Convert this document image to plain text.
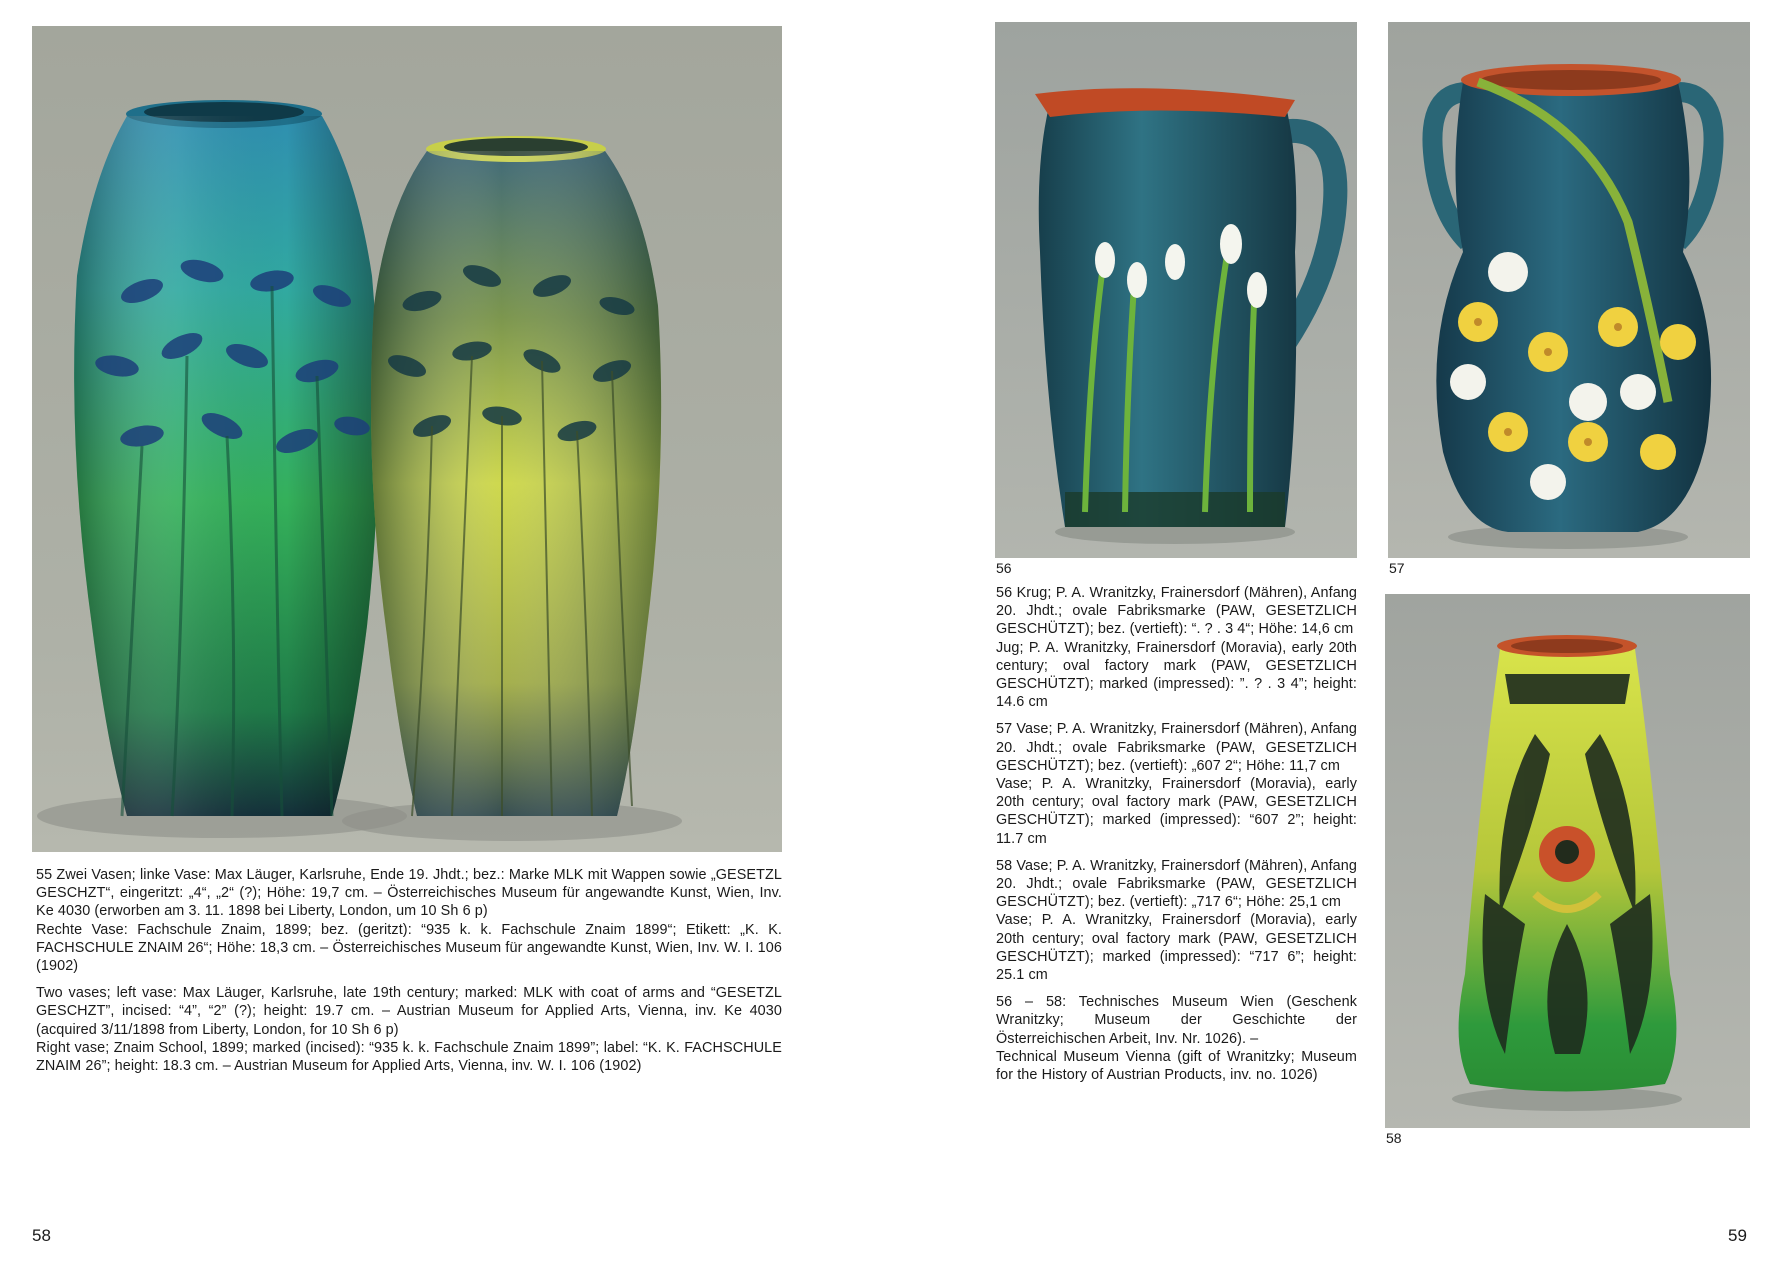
55 Zwei Vasen; linke Vase: Max Läuger, Karlsruhe, Ende 19. Jhdt.; bez.: Marke MLK mit Wappen sowie „GESETZL GESCHZT“, eingeritzt: „4“, „2“ (?); Höhe: 19,7 cm. – Österreichisches Museum für angewandte Kunst, Wien, Inv. Ke 4030 (erworben am 3. 11. 1898 bei Liberty, London, um 10 Sh 6 p)

Rechte Vase: Fachschule Znaim, 1899; bez. (geritzt): “935 k. k. Fachschule Znaim 1899“; Etikett: „K. K. FACHSCHULE ZNAIM 26“; Höhe: 18,3 cm. – Österreichisches Museum für angewandte Kunst, Wien, Inv. W. I. 106 (1902)

Two vases; left vase: Max Läuger, Karlsruhe, late 19th century; marked: MLK with coat of arms and “GESETZL GESCHZT”, incised: “4”, “2” (?); height: 19.7 cm. – Austrian Museum for Applied Arts, Vienna, inv. Ke 4030 (acquired 3/11/1898 from Liberty, London, for 10 Sh 6 p)

Right vase; Znaim School, 1899; marked (incised): “935 k. k. Fachschule Znaim 1899”; label: “K. K. FACHSCHULE ZNAIM 26”; height: 18.3 cm. – Austrian Museum for Applied Arts, Vienna, inv. W. I. 106 (1902)

58
56	57
58

56 Krug; P. A. Wranitzky, Frainersdorf (Mähren), Anfang 20. Jhdt.; ovale Fabriksmarke (PAW, GESETZLICH GESCHÜTZT); bez. (vertieft): “. ? . 3 4“; Höhe: 14,6 cm

Jug; P. A. Wranitzky, Frainersdorf (Moravia), early 20th century; oval factory mark (PAW, GESETZLICH GESCHÜTZT); marked (impressed): ”. ? . 3 4”; height: 14.6 cm

57 Vase; P. A. Wranitzky, Frainersdorf (Mähren), Anfang 20. Jhdt.; ovale Fabriksmarke (PAW, GESETZLICH GESCHÜTZT); bez. (vertieft): „607 2“; Höhe: 11,7 cm

Vase; P. A. Wranitzky, Frainersdorf (Moravia), early 20th century; oval factory mark (PAW, GESETZLICH GESCHÜTZT); marked (impressed): “607 2”; height: 11.7 cm

58 Vase; P. A. Wranitzky, Frainersdorf (Mähren), Anfang 20. Jhdt.; ovale Fabriksmarke (PAW, GESETZLICH GESCHÜTZT); bez. (vertieft): „717 6“; Höhe: 25,1 cm

Vase; P. A. Wranitzky, Frainersdorf (Moravia), early 20th century; oval factory mark (PAW, GESETZLICH GESCHÜTZT); marked (impressed): “717 6”; height: 25.1 cm

56 – 58: Technisches Museum Wien (Geschenk Wranitzky; Museum der Geschichte der Österreichischen Arbeit, Inv. Nr. 1026). –

Technical Museum Vienna (gift of Wranitzky; Museum for the History of Austrian Products, inv. no. 1026)

59
